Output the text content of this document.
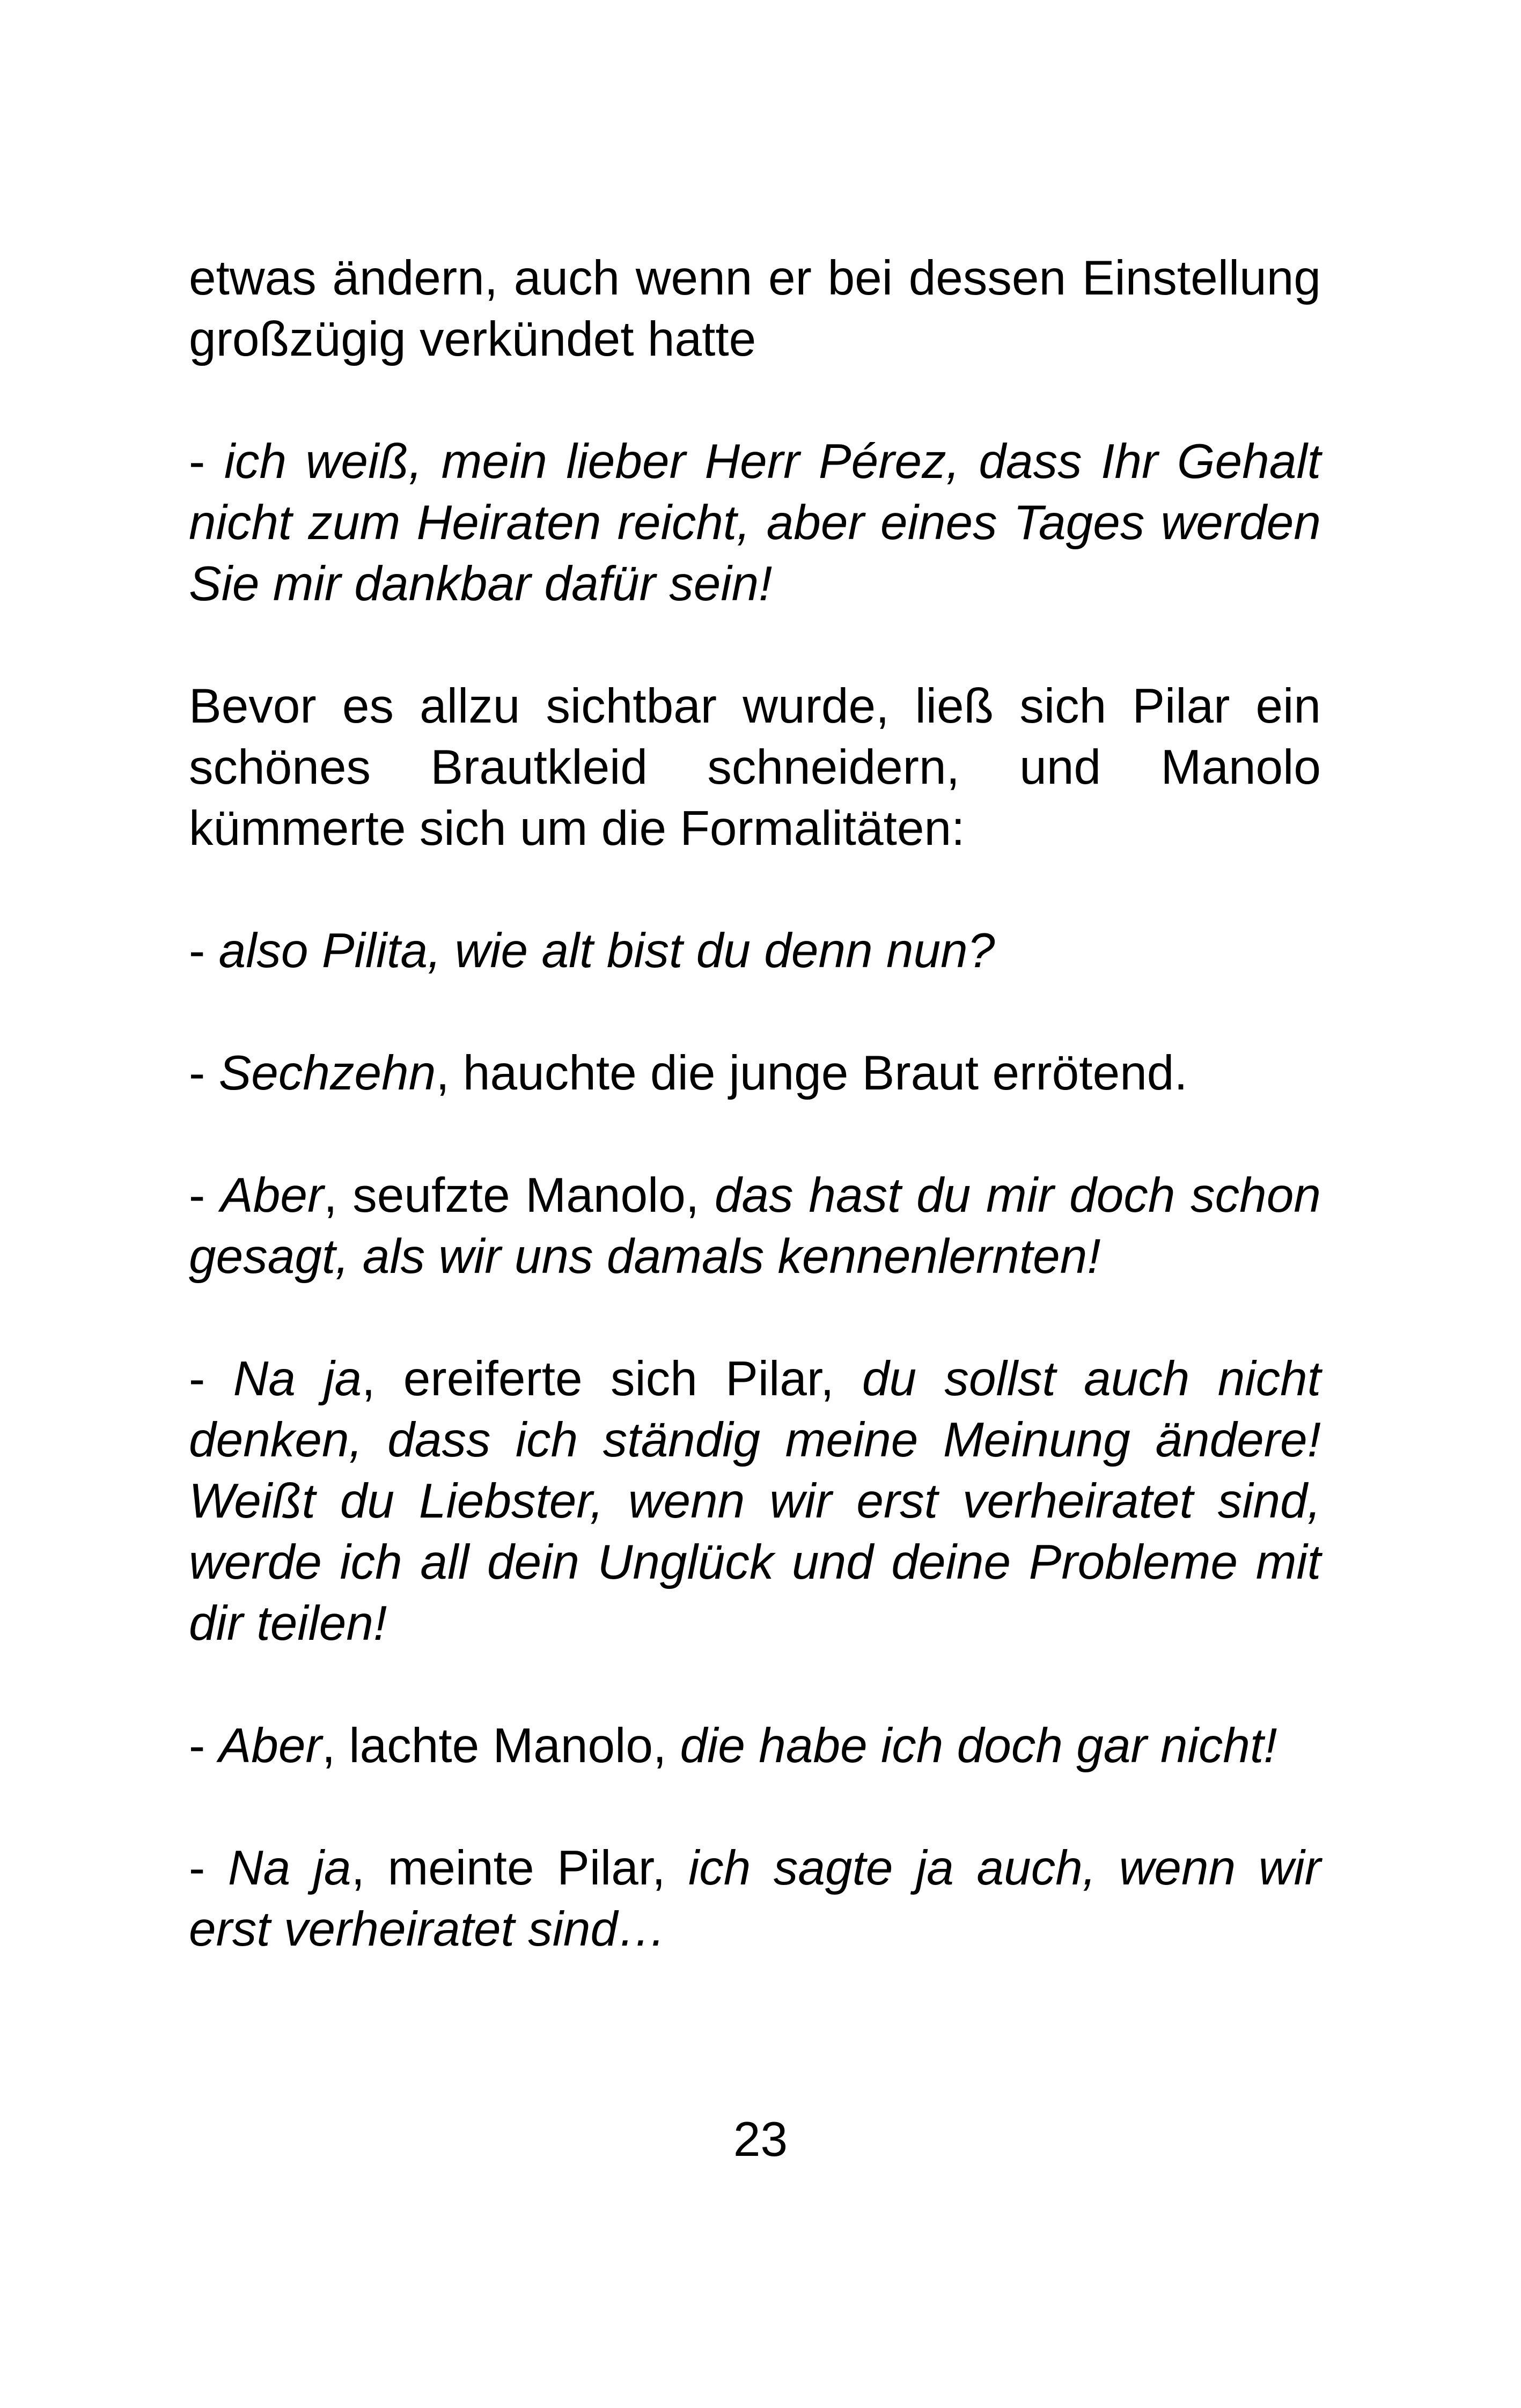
etwas ändern, auch wenn er bei dessen Einstellung großzügig verkündet hatte

- ich weiß, mein lieber Herr Pérez, dass Ihr Gehalt nicht zum Heiraten reicht, aber eines Tages werden Sie mir dankbar dafür sein!

Bevor es allzu sichtbar wurde, ließ sich Pilar ein schönes Brautkleid schneidern, und Manolo kümmerte sich um die Formalitäten:

- also Pilita, wie alt bist du denn nun?

- Sechzehn, hauchte die junge Braut errötend.

- Aber, seufzte Manolo, das hast du mir doch schon gesagt, als wir uns damals kennenlernten!

- Na ja, ereiferte sich Pilar, du sollst auch nicht denken, dass ich ständig meine Meinung ändere! Weißt du Liebster, wenn wir erst verheiratet sind, werde ich all dein Unglück und deine Probleme mit dir teilen!

- Aber, lachte Manolo, die habe ich doch gar nicht!

- Na ja, meinte Pilar, ich sagte ja auch, wenn wir erst verheiratet sind…

23
